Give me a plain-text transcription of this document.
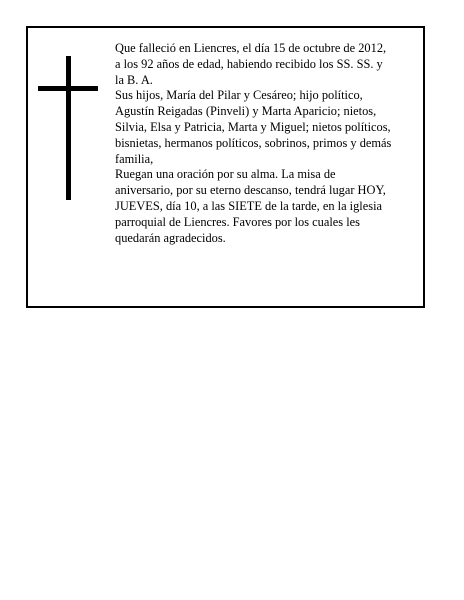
Que falleció en Liencres, el día 15 de octubre de 2012,
a los 92 años de edad, habiendo recibido los SS. SS. y
la B. A.
Sus hijos, María del Pilar y Cesáreo; hijo político,
Agustín Reigadas (Pinveli) y Marta Aparicio; nietos,
Silvia, Elsa y Patricia, Marta y Miguel; nietos políticos,
bisnietas, hermanos políticos, sobrinos, primos y demás
familia,
Ruegan una oración por su alma. La misa de
aniversario, por su eterno descanso, tendrá lugar HOY,
JUEVES, día 10, a las SIETE de la tarde, en la iglesia
parroquial de Liencres. Favores por los cuales les
quedarán agradecidos.
